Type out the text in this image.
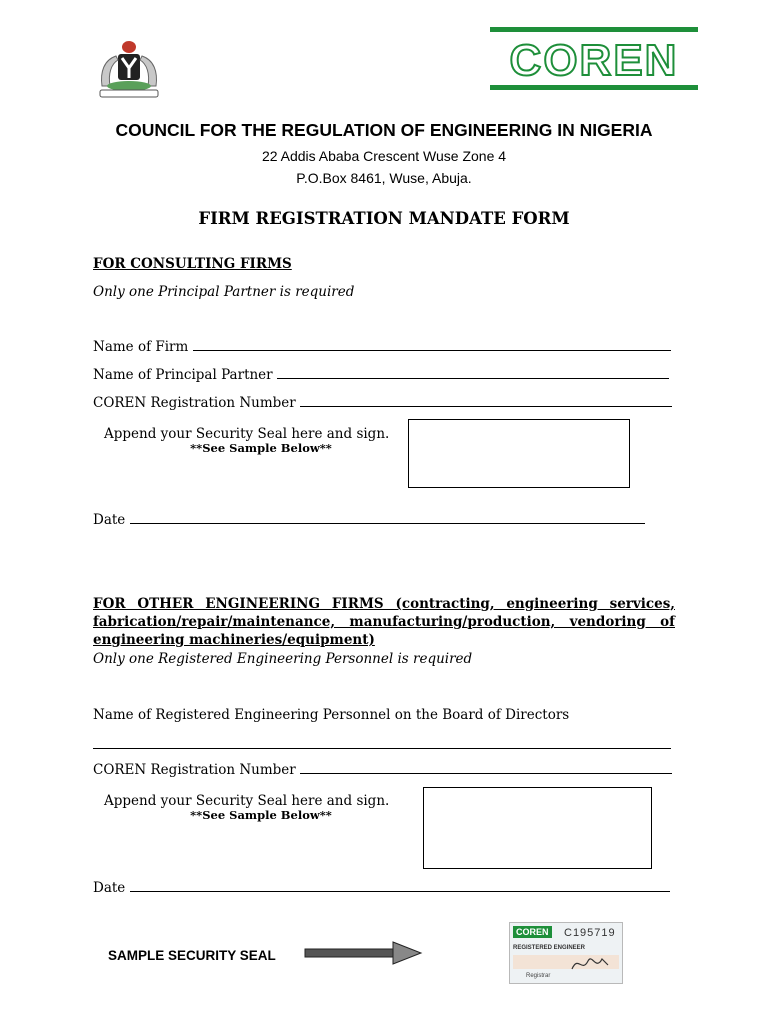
COREN
COUNCIL FOR THE REGULATION OF ENGINEERING IN NIGERIA
22 Addis Ababa Crescent Wuse Zone 4
P.O.Box 8461, Wuse, Abuja.
FIRM REGISTRATION MANDATE FORM
FOR CONSULTING FIRMS
Only one Principal Partner is required
Name of Firm
Name of Principal Partner
COREN Registration Number
Append your Security Seal here and sign.
**See Sample Below**
Date
FOR OTHER ENGINEERING FIRMS (contracting, engineering services, fabrication/repair/maintenance, manufacturing/production, vendoring of engineering machineries/equipment)
Only one Registered Engineering Personnel is required
Name of Registered Engineering Personnel on the Board of Directors
COREN Registration Number
Append your Security Seal here and sign.
**See Sample Below**
Date
SAMPLE SECURITY SEAL
COREN C195719
REGISTERED ENGINEER
Registrar
